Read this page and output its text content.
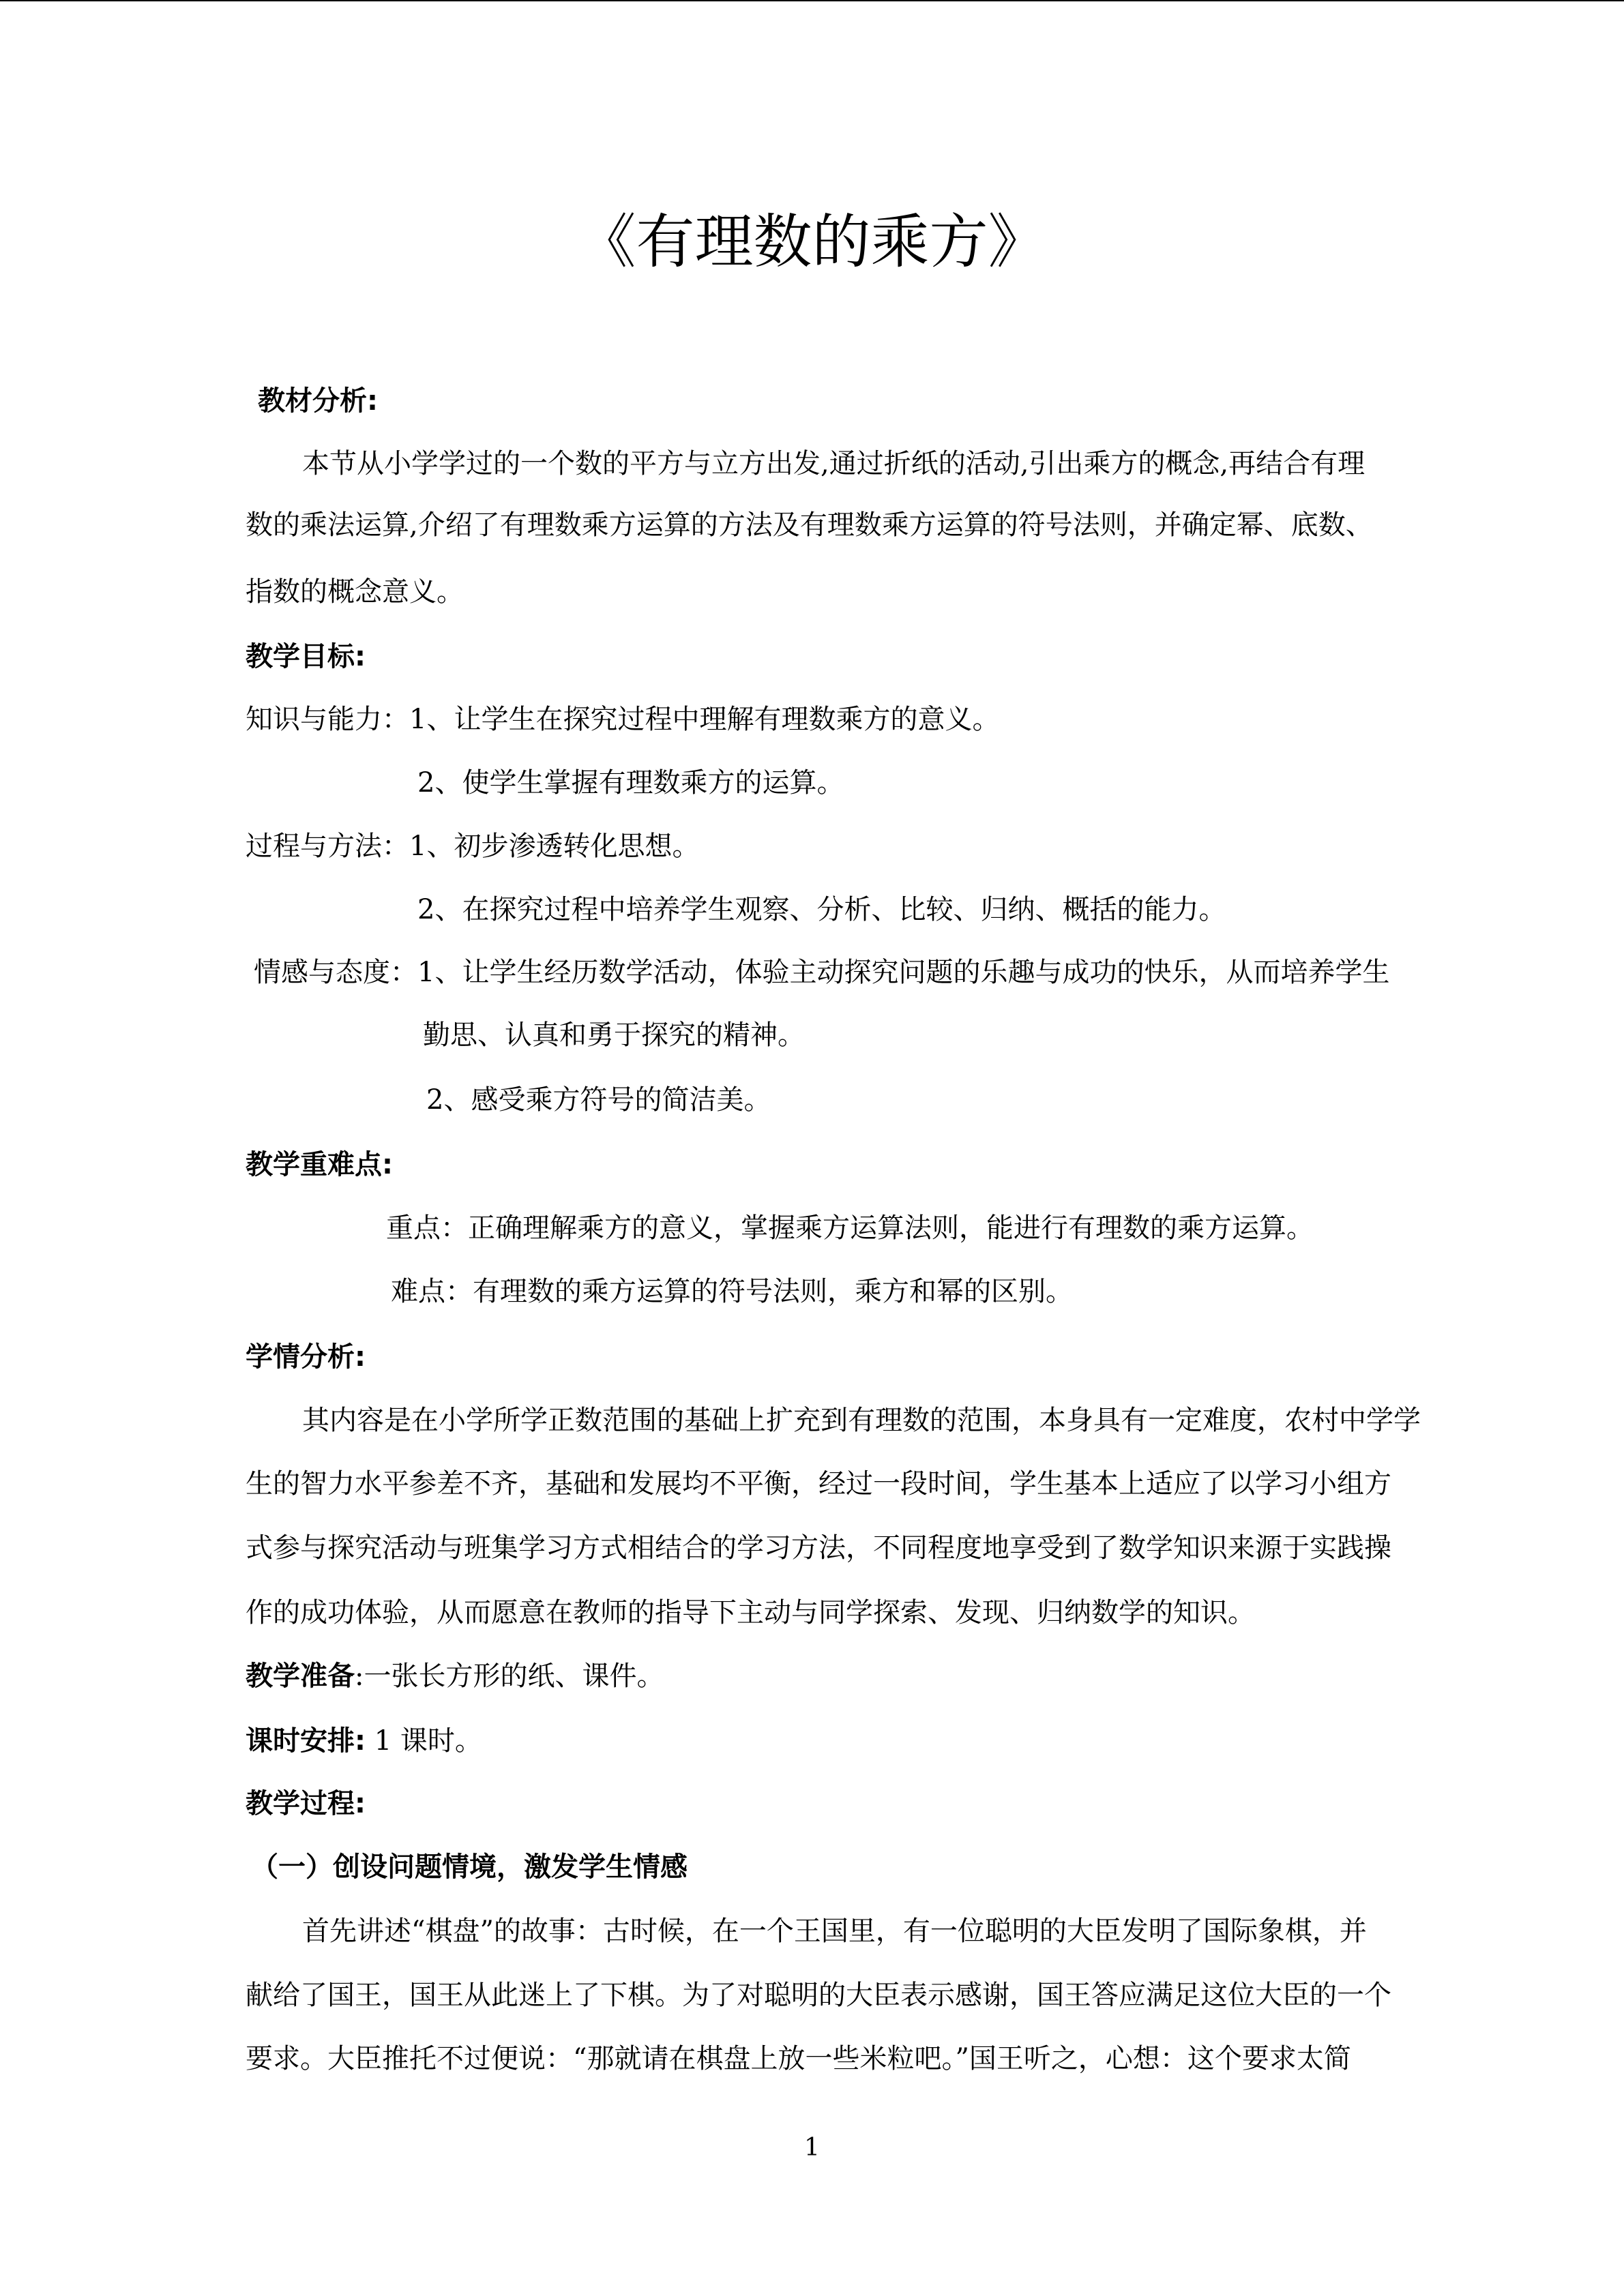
《有理数的乘方》
教材分析:
本节从小学学过的一个数的平方与立方出发,通过折纸的活动,引出乘方的概念,再结合有理
数的乘法运算,介绍了有理数乘方运算的方法及有理数乘方运算的符号法则，并确定幂、底数、
指数的概念意义。
教学目标:
知识与能力：1、让学生在探究过程中理解有理数乘方的意义。
2、使学生掌握有理数乘方的运算。
过程与方法：1、初步渗透转化思想。
2、在探究过程中培养学生观察、分析、比较、归纳、概括的能力。
情感与态度：1、让学生经历数学活动，体验主动探究问题的乐趣与成功的快乐，从而培养学生
勤思、认真和勇于探究的精神。
2、感受乘方符号的简洁美。
教学重难点:
重点：正确理解乘方的意义，掌握乘方运算法则，能进行有理数的乘方运算。
难点：有理数的乘方运算的符号法则，乘方和幂的区别。
学情分析:
其内容是在小学所学正数范围的基础上扩充到有理数的范围，本身具有一定难度，农村中学学
生的智力水平参差不齐，基础和发展均不平衡，经过一段时间，学生基本上适应了以学习小组方
式参与探究活动与班集学习方式相结合的学习方法，不同程度地享受到了数学知识来源于实践操
作的成功体验，从而愿意在教师的指导下主动与同学探索、发现、归纳数学的知识。
教学准备:一张长方形的纸、课件。
课时安排: 1 课时。
教学过程:
（一）创设问题情境，激发学生情感
首先讲述“棋盘”的故事：古时候，在一个王国里，有一位聪明的大臣发明了国际象棋，并
献给了国王，国王从此迷上了下棋。为了对聪明的大臣表示感谢，国王答应满足这位大臣的一个
要求。大臣推托不过便说：“那就请在棋盘上放一些米粒吧。”国王听之，心想：这个要求太简
1
